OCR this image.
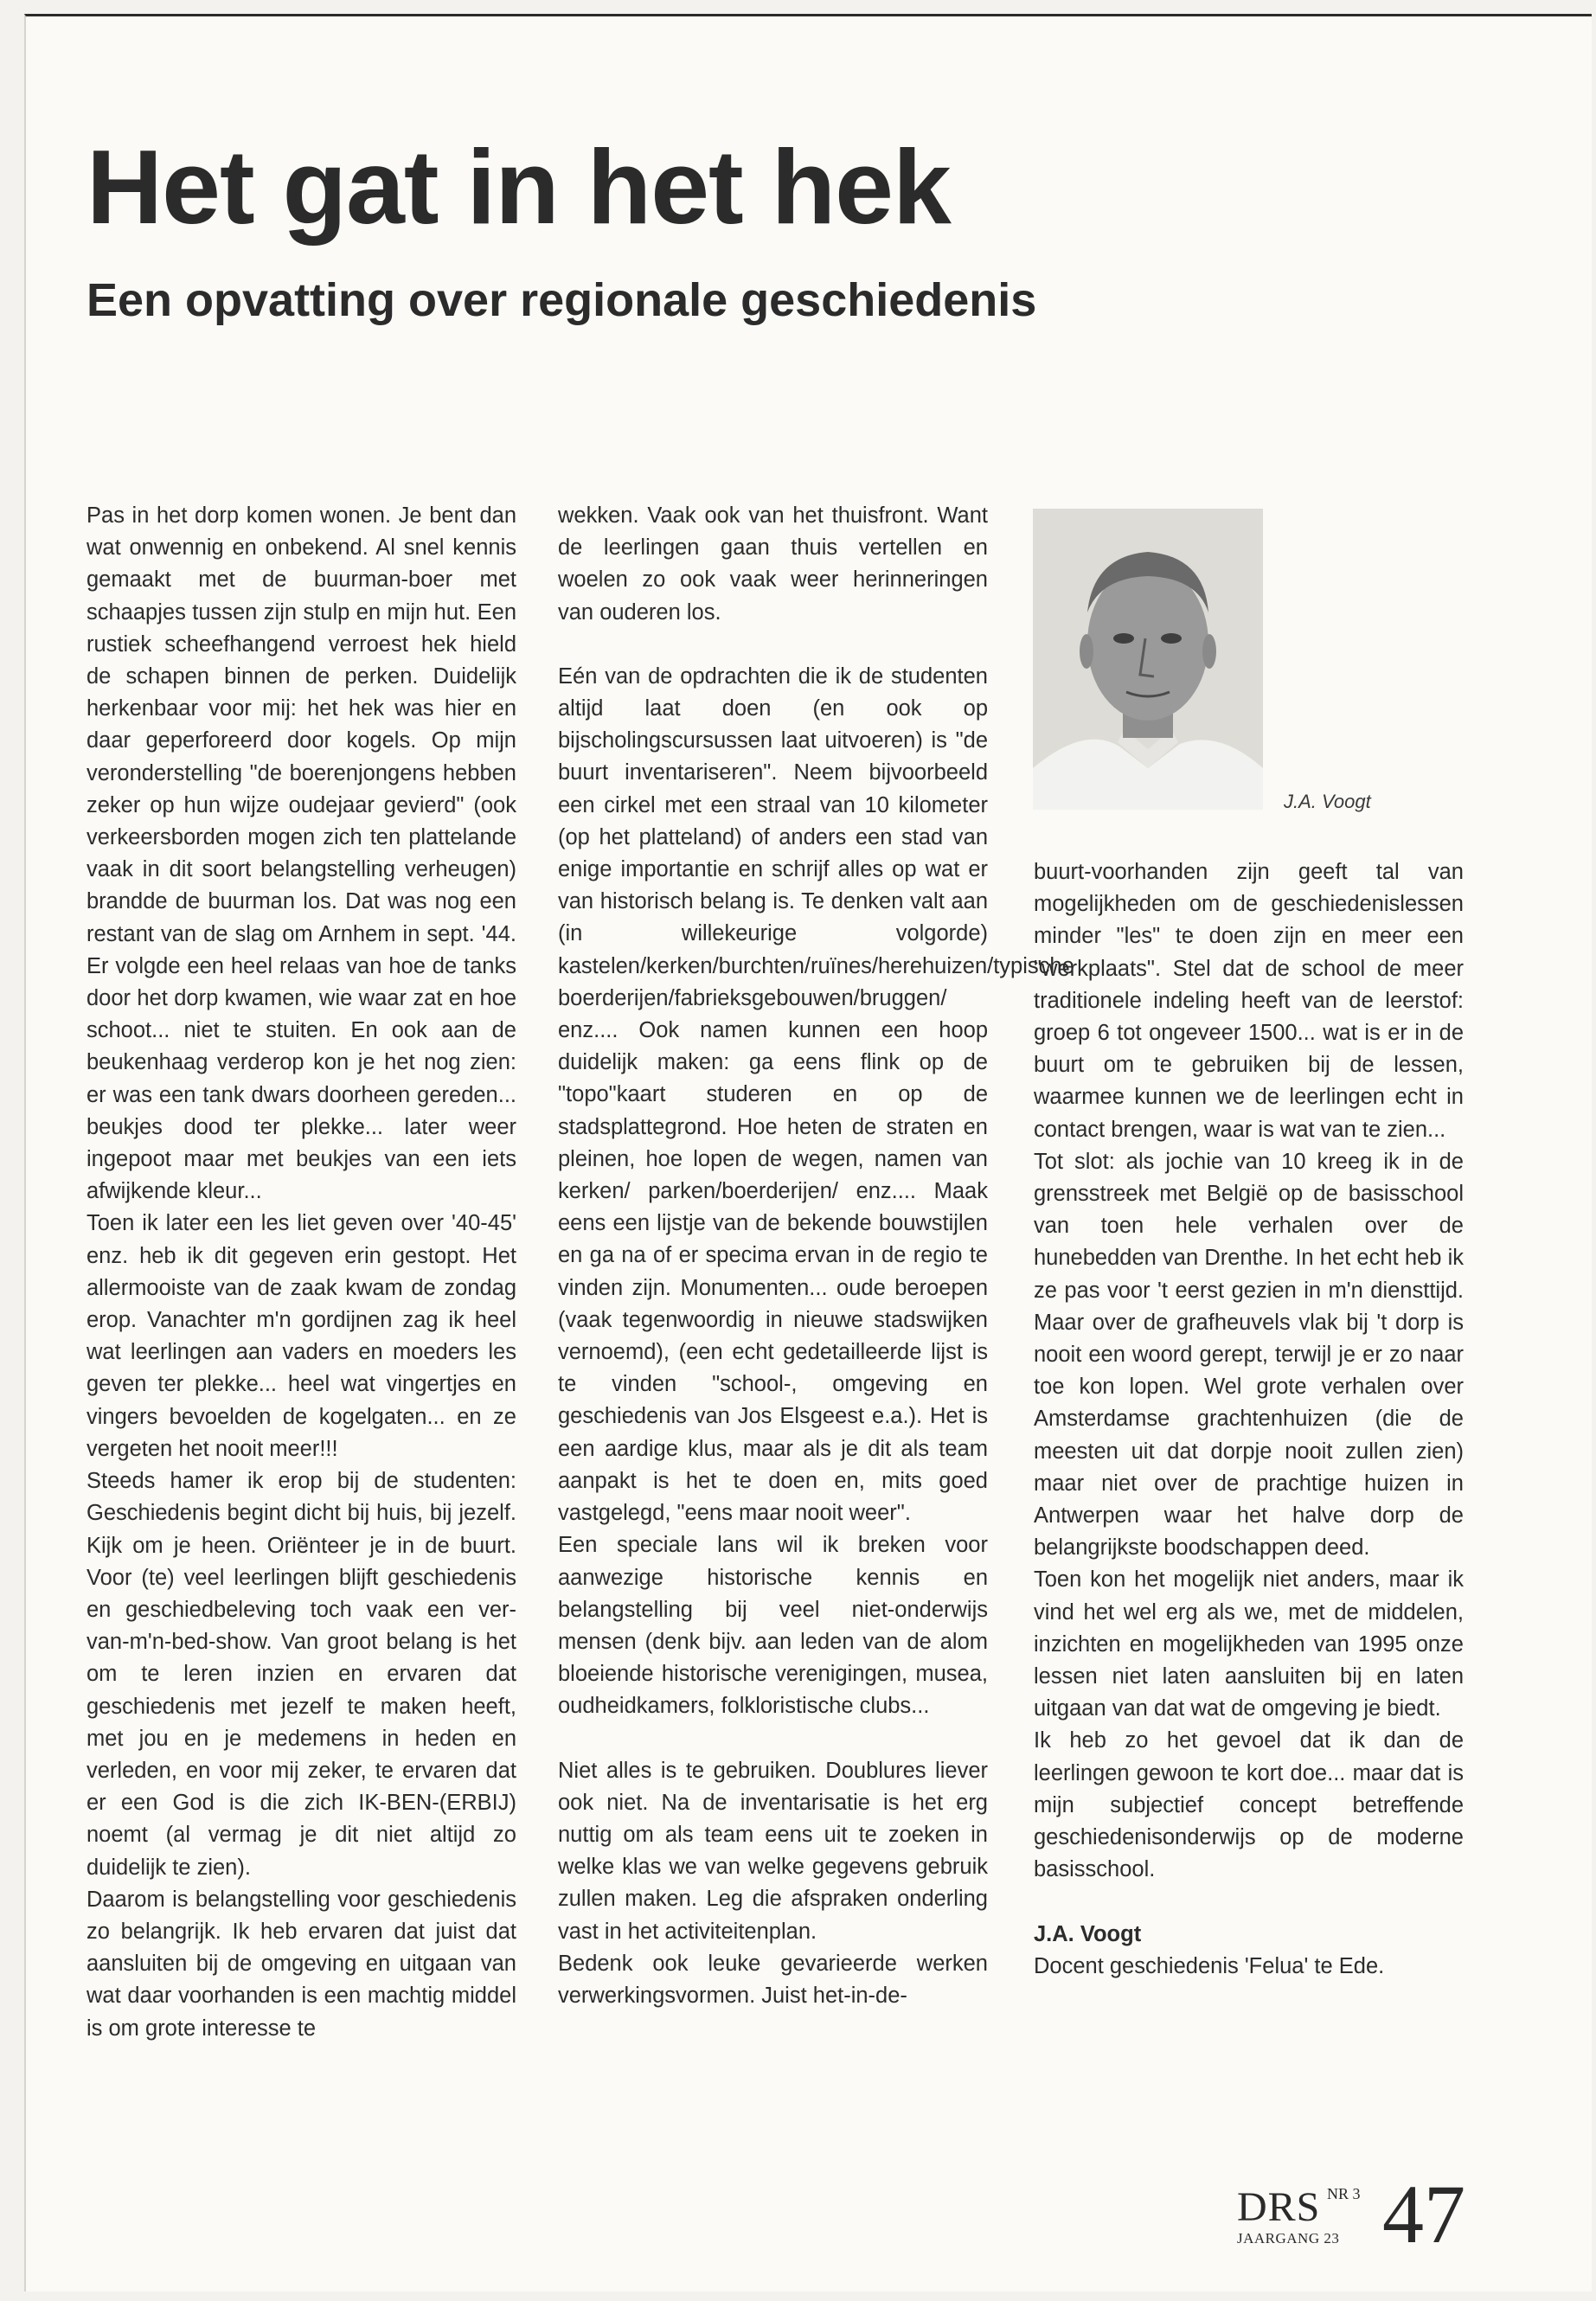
Het gat in het hek
Een opvatting over regionale geschiedenis

Pas in het dorp komen wonen. Je bent dan wat onwennig en onbekend. Al snel kennis gemaakt met de buurman-boer met schaapjes tussen zijn stulp en mijn hut. Een rustiek scheefhangend verroest hek hield de schapen binnen de perken. Duidelijk herkenbaar voor mij: het hek was hier en daar geperforeerd door kogels. Op mijn veronderstelling "de boerenjongens hebben zeker op hun wijze oudejaar gevierd" (ook verkeersborden mogen zich ten plattelande vaak in dit soort belangstelling verheugen) brandde de buurman los. Dat was nog een restant van de slag om Arnhem in sept. '44. Er volgde een heel relaas van hoe de tanks door het dorp kwamen, wie waar zat en hoe schoot... niet te stuiten. En ook aan de beukenhaag verderop kon je het nog zien: er was een tank dwars doorheen gereden... beukjes dood ter plekke... later weer ingepoot maar met beukjes van een iets afwijkende kleur...

Toen ik later een les liet geven over '40-45' enz. heb ik dit gegeven erin gestopt. Het allermooiste van de zaak kwam de zondag erop. Vanachter m'n gordijnen zag ik heel wat leerlingen aan vaders en moeders les geven ter plekke... heel wat vingertjes en vingers bevoelden de kogelgaten... en ze vergeten het nooit meer!!!

Steeds hamer ik erop bij de studenten: Geschiedenis begint dicht bij huis, bij jezelf. Kijk om je heen. Oriënteer je in de buurt. Voor (te) veel leerlingen blijft geschiedenis en geschiedbeleving toch vaak een ver-van-m'n-bed-show. Van groot belang is het om te leren inzien en ervaren dat geschiedenis met jezelf te maken heeft, met jou en je medemens in heden en verleden, en voor mij zeker, te ervaren dat er een God is die zich IK-BEN-(ERBIJ) noemt (al vermag je dit niet altijd zo duidelijk te zien).

Daarom is belangstelling voor geschiedenis zo belangrijk. Ik heb ervaren dat juist dat aansluiten bij de omgeving en uitgaan van wat daar voorhanden is een machtig middel is om grote interesse te

wekken. Vaak ook van het thuisfront. Want de leerlingen gaan thuis vertellen en woelen zo ook vaak weer herinneringen van ouderen los.

Eén van de opdrachten die ik de studenten altijd laat doen (en ook op bijscholingscursussen laat uitvoeren) is "de buurt inventariseren". Neem bijvoorbeeld een cirkel met een straal van 10 kilometer (op het platteland) of anders een stad van enige importantie en schrijf alles op wat er van historisch belang is. Te denken valt aan (in willekeurige volgorde) kastelen/kerken/burchten/ruïnes/herehuizen/typische boerderijen/fabrieksgebouwen/bruggen/ enz.... Ook namen kunnen een hoop duidelijk maken: ga eens flink op de "topo"kaart studeren en op de stadsplattegrond. Hoe heten de straten en pleinen, hoe lopen de wegen, namen van kerken/ parken/boerderijen/ enz.... Maak eens een lijstje van de bekende bouwstijlen en ga na of er specima ervan in de regio te vinden zijn. Monumenten... oude beroepen (vaak tegenwoordig in nieuwe stadswijken vernoemd), (een echt gedetailleerde lijst is te vinden "school-, omgeving en geschiedenis van Jos Elsgeest e.a.). Het is een aardige klus, maar als je dit als team aanpakt is het te doen en, mits goed vastgelegd, "eens maar nooit weer".

Een speciale lans wil ik breken voor aanwezige historische kennis en belangstelling bij veel niet-onderwijs mensen (denk bijv. aan leden van de alom bloeiende historische verenigingen, musea, oudheidkamers, folkloristische clubs...

Niet alles is te gebruiken. Doublures liever ook niet. Na de inventarisatie is het erg nuttig om als team eens uit te zoeken in welke klas we van welke gegevens gebruik zullen maken. Leg die afspraken onderling vast in het activiteitenplan.

Bedenk ook leuke gevarieerde werken verwerkingsvormen. Juist het-in-de-

J.A. Voogt

buurt-voorhanden zijn geeft tal van mogelijkheden om de geschiedenislessen minder "les" te doen zijn en meer een "werkplaats". Stel dat de school de meer traditionele indeling heeft van de leerstof: groep 6 tot ongeveer 1500... wat is er in de buurt om te gebruiken bij de lessen, waarmee kunnen we de leerlingen echt in contact brengen, waar is wat van te zien...

Tot slot: als jochie van 10 kreeg ik in de grensstreek met België op de basisschool van toen hele verhalen over de hunebedden van Drenthe. In het echt heb ik ze pas voor 't eerst gezien in m'n diensttijd. Maar over de grafheuvels vlak bij 't dorp is nooit een woord gerept, terwijl je er zo naar toe kon lopen. Wel grote verhalen over Amsterdamse grachtenhuizen (die de meesten uit dat dorpje nooit zullen zien) maar niet over de prachtige huizen in Antwerpen waar het halve dorp de belangrijkste boodschappen deed.

Toen kon het mogelijk niet anders, maar ik vind het wel erg als we, met de middelen, inzichten en mogelijkheden van 1995 onze lessen niet laten aansluiten bij en laten uitgaan van dat wat de omgeving je biedt.

Ik heb zo het gevoel dat ik dan de leerlingen gewoon te kort doe... maar dat is mijn subjectief concept betreffende geschiedenisonderwijs op de moderne basisschool.

J.A. Voogt

Docent geschiedenis 'Felua' te Ede.

DRS NR 3
JAARGANG 23 47
